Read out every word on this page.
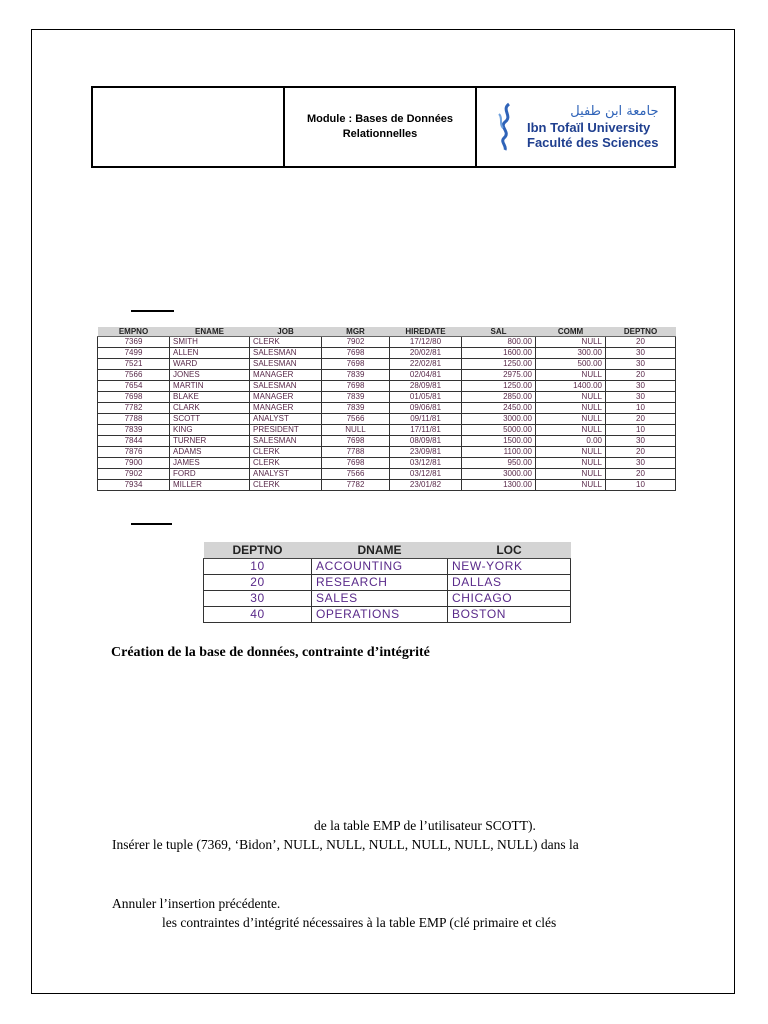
Module : Bases de Données
Relationnelles
جامعة ابن طفيل
Ibn Tofaïl University
Faculté des Sciences
EMPNO	ENAME	JOB	MGR	HIREDATE	SAL	COMM	DEPTNO
7369	SMITH	CLERK	7902	17/12/80	800.00	NULL	20
7499	ALLEN	SALESMAN	7698	20/02/81	1600.00	300.00	30
7521	WARD	SALESMAN	7698	22/02/81	1250.00	500.00	30
7566	JONES	MANAGER	7839	02/04/81	2975.00	NULL	20
7654	MARTIN	SALESMAN	7698	28/09/81	1250.00	1400.00	30
7698	BLAKE	MANAGER	7839	01/05/81	2850.00	NULL	30
7782	CLARK	MANAGER	7839	09/06/81	2450.00	NULL	10
7788	SCOTT	ANALYST	7566	09/11/81	3000.00	NULL	20
7839	KING	PRESIDENT	NULL	17/11/81	5000.00	NULL	10
7844	TURNER	SALESMAN	7698	08/09/81	1500.00	0.00	30
7876	ADAMS	CLERK	7788	23/09/81	1100.00	NULL	20
7900	JAMES	CLERK	7698	03/12/81	950.00	NULL	30
7902	FORD	ANALYST	7566	03/12/81	3000.00	NULL	20
7934	MILLER	CLERK	7782	23/01/82	1300.00	NULL	10
DEPTNO	DNAME	LOC
10	ACCOUNTING	NEW-YORK
20	RESEARCH	DALLAS
30	SALES	CHICAGO
40	OPERATIONS	BOSTON
Création de la base de données, contrainte d’intégrité
de la table EMP de l’utilisateur SCOTT).
Insérer le tuple (7369, ‘Bidon’, NULL, NULL, NULL, NULL, NULL, NULL) dans la
Annuler l’insertion précédente.
les contraintes d’intégrité nécessaires à la table EMP (clé primaire et clés
